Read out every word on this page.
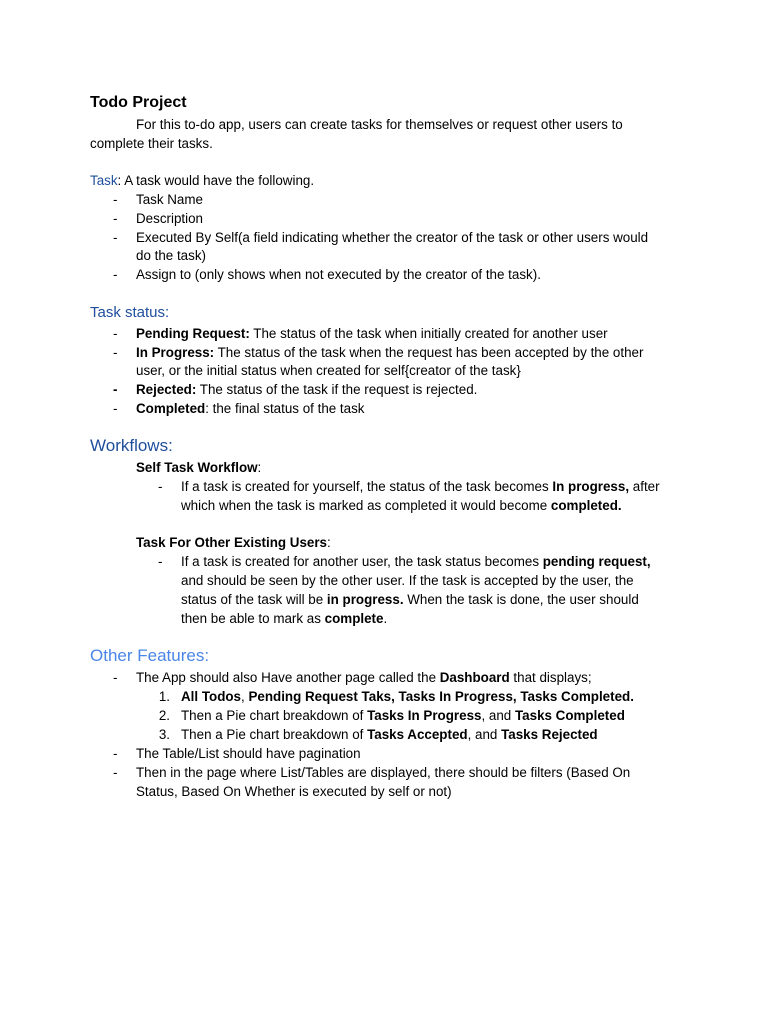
Todo Project
For this to-do app, users can create tasks for themselves or request other users to
complete their tasks.
Task: A task would have the following.
- Task Name
- Description
- Executed By Self(a field indicating whether the creator of the task or other users would
do the task)
- Assign to (only shows when not executed by the creator of the task).
Task status:
- Pending Request: The status of the task when initially created for another user
- In Progress: The status of the task when the request has been accepted by the other
user, or the initial status when created for self{creator of the task}
- Rejected: The status of the task if the request is rejected.
- Completed: the final status of the task
Workflows:
Self Task Workflow:
- If a task is created for yourself, the status of the task becomes In progress, after
which when the task is marked as completed it would become completed.
Task For Other Existing Users:
- If a task is created for another user, the task status becomes pending request,
and should be seen by the other user. If the task is accepted by the user, the
status of the task will be in progress. When the task is done, the user should
then be able to mark as complete.
Other Features:
- The App should also Have another page called the Dashboard that displays;
1. All Todos, Pending Request Taks, Tasks In Progress, Tasks Completed.
2. Then a Pie chart breakdown of Tasks In Progress, and Tasks Completed
3. Then a Pie chart breakdown of Tasks Accepted, and Tasks Rejected
- The Table/List should have pagination
- Then in the page where List/Tables are displayed, there should be filters (Based On
Status, Based On Whether is executed by self or not)
